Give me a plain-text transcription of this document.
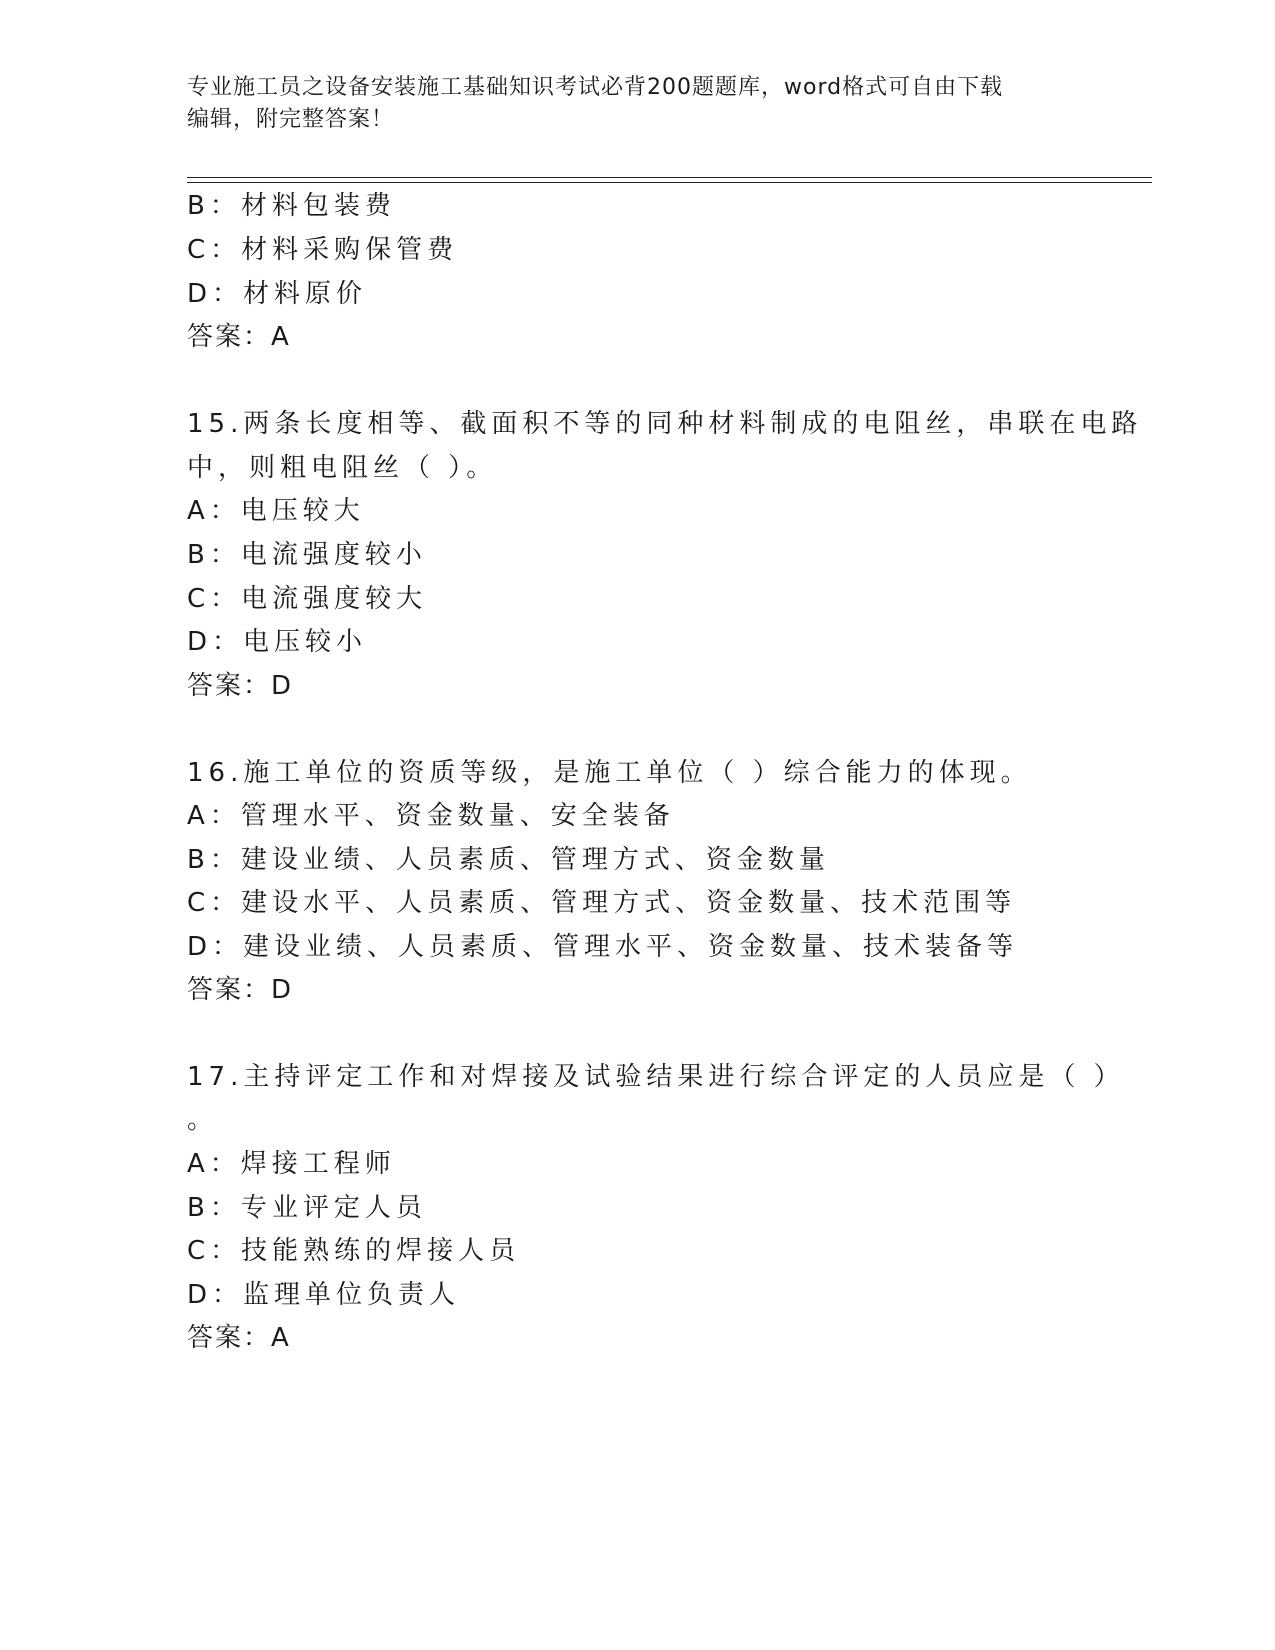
专业施工员之设备安装施工基础知识考试必背200题题库，word格式可自由下载
编辑，附完整答案！
B：材料包装费
C：材料采购保管费
D：材料原价
答案：A
15.两条长度相等、截面积不等的同种材料制成的电阻丝，串联在电路
中，则粗电阻丝（ ）。
A：电压较大
B：电流强度较小
C：电流强度较大
D：电压较小
答案：D
16.施工单位的资质等级，是施工单位（ ）综合能力的体现。
A：管理水平、资金数量、安全装备
B：建设业绩、人员素质、管理方式、资金数量
C：建设水平、人员素质、管理方式、资金数量、技术范围等
D：建设业绩、人员素质、管理水平、资金数量、技术装备等
答案：D
17.主持评定工作和对焊接及试验结果进行综合评定的人员应是（ ）
。
A：焊接工程师
B：专业评定人员
C：技能熟练的焊接人员
D：监理单位负责人
答案：A
